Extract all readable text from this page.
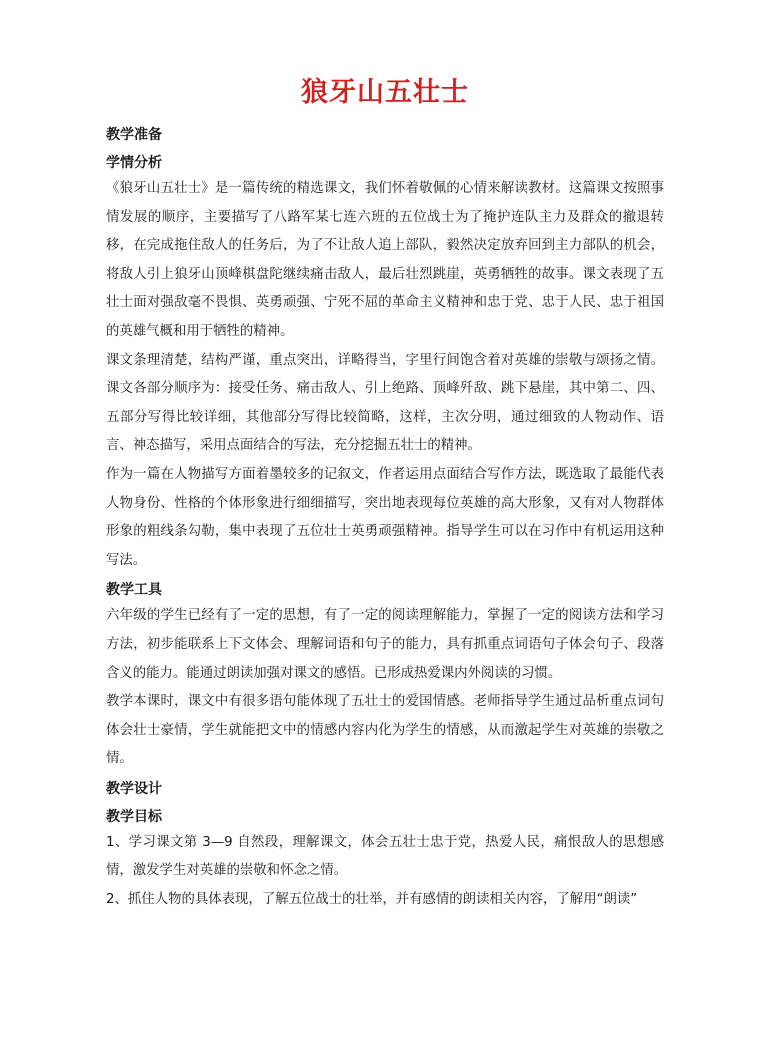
狼牙山五壮士
教学准备
学情分析

《狼牙山五壮士》是一篇传统的精选课文，我们怀着敬佩的心情来解读教材。这篇课文按照事情发展的顺序，主要描写了八路军某七连六班的五位战士为了掩护连队主力及群众的撤退转移，在完成拖住敌人的任务后，为了不让敌人追上部队，毅然决定放弃回到主力部队的机会，将敌人引上狼牙山顶峰棋盘陀继续痛击敌人，最后壮烈跳崖，英勇牺牲的故事。课文表现了五壮士面对强敌毫不畏惧、英勇顽强、宁死不屈的革命主义精神和忠于党、忠于人民、忠于祖国的英雄气概和用于牺牲的精神。

课文条理清楚，结构严谨，重点突出，详略得当，字里行间饱含着对英雄的崇敬与颂扬之情。课文各部分顺序为：接受任务、痛击敌人、引上绝路、顶峰歼敌、跳下悬崖，其中第二、四、五部分写得比较详细，其他部分写得比较简略，这样，主次分明，通过细致的人物动作、语言、神态描写，采用点面结合的写法，充分挖掘五壮士的精神。

作为一篇在人物描写方面着墨较多的记叙文，作者运用点面结合写作方法，既选取了最能代表人物身份、性格的个体形象进行细细描写，突出地表现每位英雄的高大形象，又有对人物群体形象的粗线条勾勒，集中表现了五位壮士英勇顽强精神。指导学生可以在习作中有机运用这种写法。

教学工具

六年级的学生已经有了一定的思想，有了一定的阅读理解能力，掌握了一定的阅读方法和学习方法，初步能联系上下文体会、理解词语和句子的能力，具有抓重点词语句子体会句子、段落含义的能力。能通过朗读加强对课文的感悟。已形成热爱课内外阅读的习惯。

教学本课时，课文中有很多语句能体现了五壮士的爱国情感。老师指导学生通过品析重点词句体会壮士豪情，学生就能把文中的情感内容内化为学生的情感，从而激起学生对英雄的崇敬之情。

教学设计
教学目标

1、学习课文第 3—9 自然段，理解课文，体会五壮士忠于党，热爱人民，痛恨敌人的思想感情，激发学生对英雄的崇敬和怀念之情。

2、抓住人物的具体表现，了解五位战士的壮举，并有感情的朗读相关内容，了解用“朗读”
